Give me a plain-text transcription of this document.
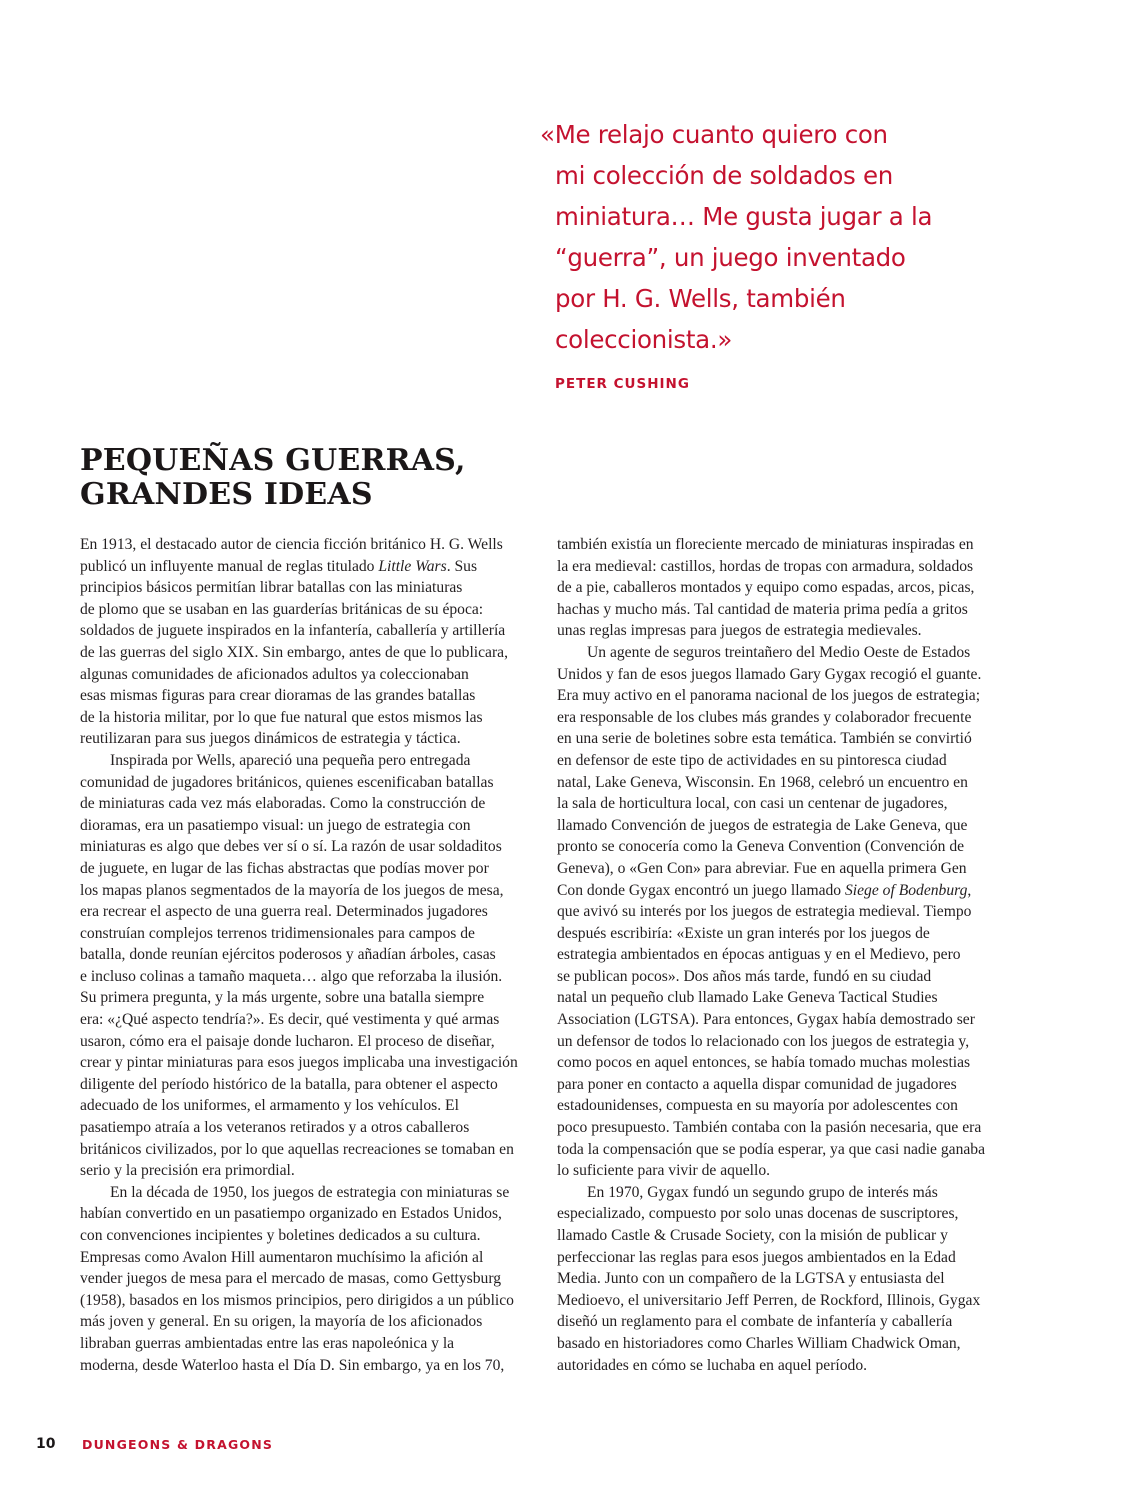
«Me relajo cuanto quiero con
mi colección de soldados en
miniatura… Me gusta jugar a la
“guerra”, un juego inventado
por H. G. Wells, también
coleccionista.»
PETER CUSHING
PEQUEÑAS GUERRAS,
GRANDES IDEAS
En 1913, el destacado autor de ciencia ficción británico H. G. Wells
publicó un influyente manual de reglas titulado Little Wars. Sus
principios básicos permitían librar batallas con las miniaturas
de plomo que se usaban en las guarderías británicas de su época:
soldados de juguete inspirados en la infantería, caballería y artillería
de las guerras del siglo XIX. Sin embargo, antes de que lo publicara,
algunas comunidades de aficionados adultos ya coleccionaban
esas mismas figuras para crear dioramas de las grandes batallas
de la historia militar, por lo que fue natural que estos mismos las
reutilizaran para sus juegos dinámicos de estrategia y táctica.
Inspirada por Wells, apareció una pequeña pero entregada
comunidad de jugadores británicos, quienes escenificaban batallas
de miniaturas cada vez más elaboradas. Como la construcción de
dioramas, era un pasatiempo visual: un juego de estrategia con
miniaturas es algo que debes ver sí o sí. La razón de usar soldaditos
de juguete, en lugar de las fichas abstractas que podías mover por
los mapas planos segmentados de la mayoría de los juegos de mesa,
era recrear el aspecto de una guerra real. Determinados jugadores
construían complejos terrenos tridimensionales para campos de
batalla, donde reunían ejércitos poderosos y añadían árboles, casas
e incluso colinas a tamaño maqueta… algo que reforzaba la ilusión.
Su primera pregunta, y la más urgente, sobre una batalla siempre
era: «¿Qué aspecto tendría?». Es decir, qué vestimenta y qué armas
usaron, cómo era el paisaje donde lucharon. El proceso de diseñar,
crear y pintar miniaturas para esos juegos implicaba una investigación
diligente del período histórico de la batalla, para obtener el aspecto
adecuado de los uniformes, el armamento y los vehículos. El
pasatiempo atraía a los veteranos retirados y a otros caballeros
británicos civilizados, por lo que aquellas recreaciones se tomaban en
serio y la precisión era primordial.
En la década de 1950, los juegos de estrategia con miniaturas se
habían convertido en un pasatiempo organizado en Estados Unidos,
con convenciones incipientes y boletines dedicados a su cultura.
Empresas como Avalon Hill aumentaron muchísimo la afición al
vender juegos de mesa para el mercado de masas, como Gettysburg
(1958), basados en los mismos principios, pero dirigidos a un público
más joven y general. En su origen, la mayoría de los aficionados
libraban guerras ambientadas entre las eras napoleónica y la
moderna, desde Waterloo hasta el Día D. Sin embargo, ya en los 70,
también existía un floreciente mercado de miniaturas inspiradas en
la era medieval: castillos, hordas de tropas con armadura, soldados
de a pie, caballeros montados y equipo como espadas, arcos, picas,
hachas y mucho más. Tal cantidad de materia prima pedía a gritos
unas reglas impresas para juegos de estrategia medievales.
Un agente de seguros treintañero del Medio Oeste de Estados
Unidos y fan de esos juegos llamado Gary Gygax recogió el guante.
Era muy activo en el panorama nacional de los juegos de estrategia;
era responsable de los clubes más grandes y colaborador frecuente
en una serie de boletines sobre esta temática. También se convirtió
en defensor de este tipo de actividades en su pintoresca ciudad
natal, Lake Geneva, Wisconsin. En 1968, celebró un encuentro en
la sala de horticultura local, con casi un centenar de jugadores,
llamado Convención de juegos de estrategia de Lake Geneva, que
pronto se conocería como la Geneva Convention (Convención de
Geneva), o «Gen Con» para abreviar. Fue en aquella primera Gen
Con donde Gygax encontró un juego llamado Siege of Bodenburg,
que avivó su interés por los juegos de estrategia medieval. Tiempo
después escribiría: «Existe un gran interés por los juegos de
estrategia ambientados en épocas antiguas y en el Medievo, pero
se publican pocos». Dos años más tarde, fundó en su ciudad
natal un pequeño club llamado Lake Geneva Tactical Studies
Association (LGTSA). Para entonces, Gygax había demostrado ser
un defensor de todos lo relacionado con los juegos de estrategia y,
como pocos en aquel entonces, se había tomado muchas molestias
para poner en contacto a aquella dispar comunidad de jugadores
estadounidenses, compuesta en su mayoría por adolescentes con
poco presupuesto. También contaba con la pasión necesaria, que era
toda la compensación que se podía esperar, ya que casi nadie ganaba
lo suficiente para vivir de aquello.
En 1970, Gygax fundó un segundo grupo de interés más
especializado, compuesto por solo unas docenas de suscriptores,
llamado Castle & Crusade Society, con la misión de publicar y
perfeccionar las reglas para esos juegos ambientados en la Edad
Media. Junto con un compañero de la LGTSA y entusiasta del
Medioevo, el universitario Jeff Perren, de Rockford, Illinois, Gygax
diseñó un reglamento para el combate de infantería y caballería
basado en historiadores como Charles William Chadwick Oman,
autoridades en cómo se luchaba en aquel período.
10 DUNGEONS & DRAGONS
